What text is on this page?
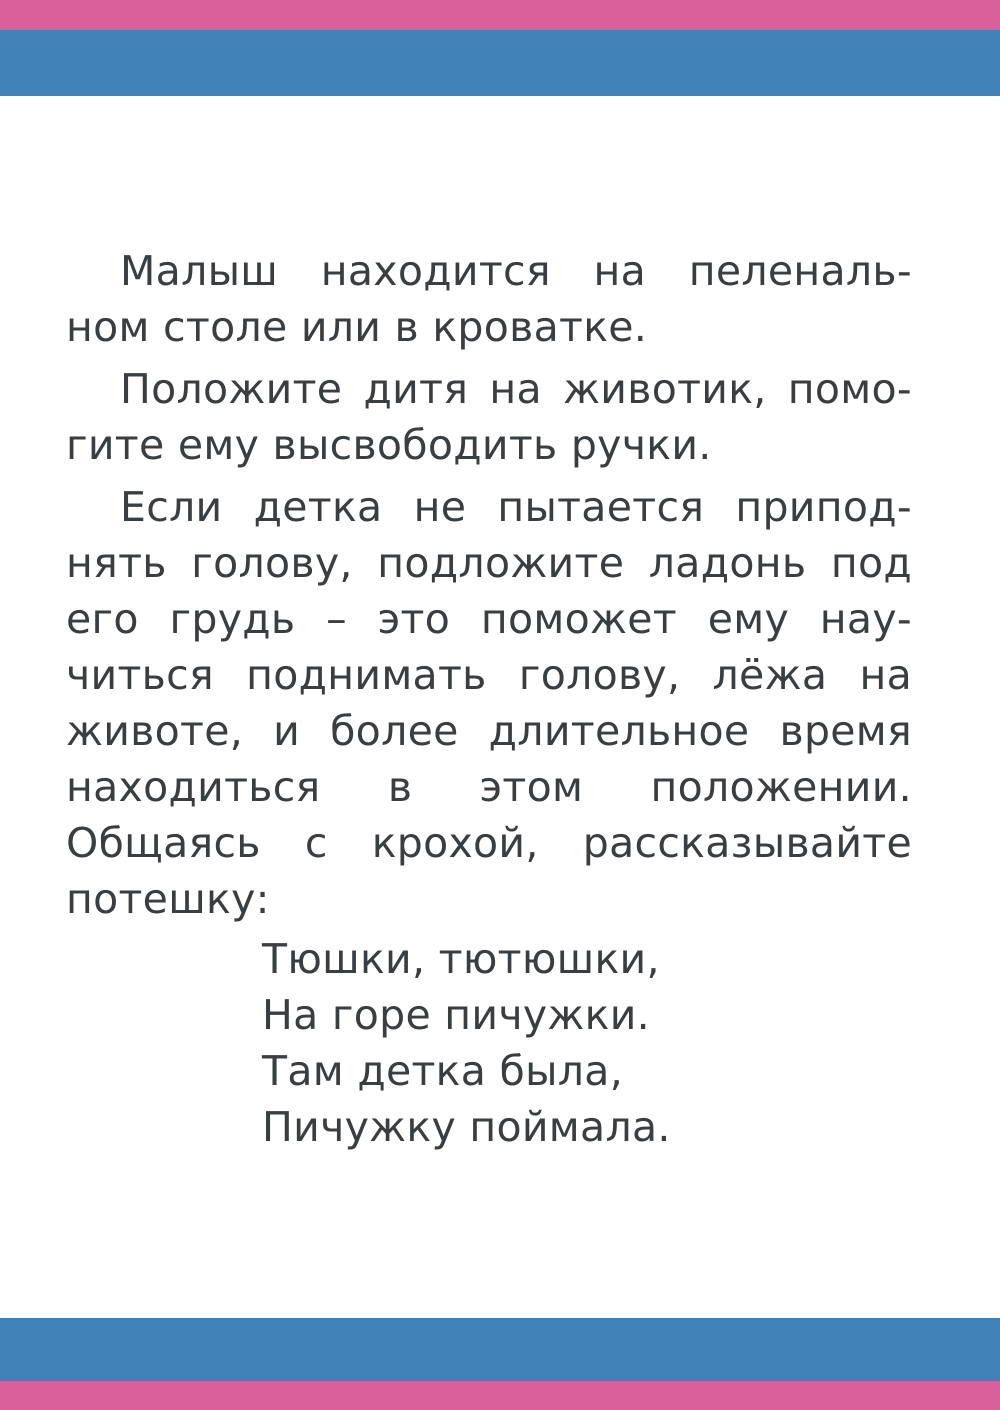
Малыш находится на пеленаль-
ном столе или в кроватке.
Положите дитя на животик, помо-
гите ему высвободить ручки.
Если детка не пытается припод-
нять голову, подложите ладонь под
его грудь – это поможет ему нау-
читься поднимать голову, лёжа на
животе, и более длительное время
находиться в этом положении.
Общаясь с крохой, рассказывайте
потешку:
Тюшки, тютюшки,
На горе пичужки.
Там детка была,
Пичужку поймала.
